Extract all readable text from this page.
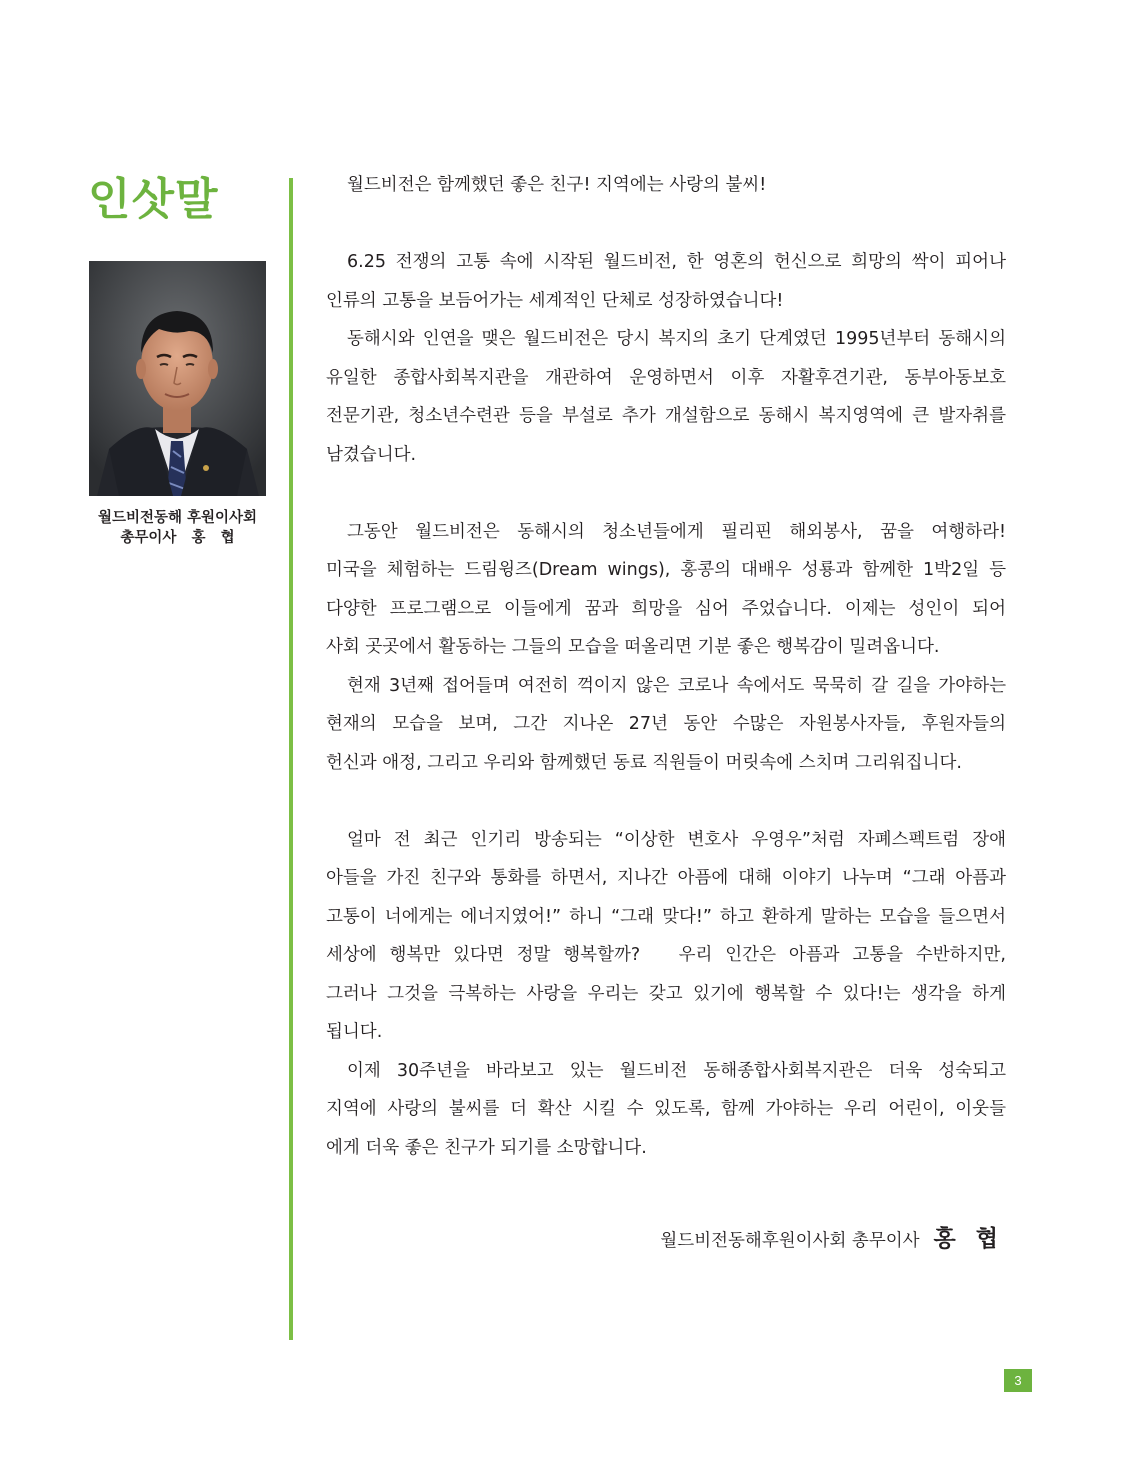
인삿말
월드비전동해 후원이사회
총무이사   홍   협
월드비전은 함께했던 좋은 친구! 지역에는 사랑의 불씨!
6.25 전쟁의 고통 속에 시작된 월드비전, 한 영혼의 헌신으로 희망의 싹이 피어나
인류의 고통을 보듬어가는 세계적인 단체로 성장하였습니다!
동해시와 인연을 맺은 월드비전은 당시 복지의 초기 단계였던 1995년부터 동해시의
유일한 종합사회복지관을 개관하여 운영하면서 이후 자활후견기관, 동부아동보호
전문기관, 청소년수련관 등을 부설로 추가 개설함으로 동해시 복지영역에 큰 발자취를
남겼습니다.
그동안 월드비전은 동해시의 청소년들에게 필리핀 해외봉사, 꿈을 여행하라!
미국을 체험하는 드림윙즈(Dream wings), 홍콩의 대배우 성룡과 함께한 1박2일 등
다양한 프로그램으로 이들에게 꿈과 희망을 심어 주었습니다. 이제는 성인이 되어
사회 곳곳에서 활동하는 그들의 모습을 떠올리면 기분 좋은 행복감이 밀려옵니다.
현재 3년째 접어들며 여전히 꺽이지 않은 코로나 속에서도 묵묵히 갈 길을 가야하는
현재의 모습을 보며, 그간 지나온 27년 동안 수많은 자원봉사자들, 후원자들의
헌신과 애정, 그리고 우리와 함께했던 동료 직원들이 머릿속에 스치며 그리워집니다.
얼마 전 최근 인기리 방송되는 “이상한 변호사 우영우”처럼 자폐스펙트럼 장애
아들을 가진 친구와 통화를 하면서, 지나간 아픔에 대해 이야기 나누며 “그래 아픔과
고통이 너에게는 에너지였어!” 하니 “그래 맞다!” 하고 환하게 말하는 모습을 들으면서
세상에 행복만 있다면 정말 행복할까?   우리 인간은 아픔과 고통을 수반하지만,
그러나 그것을 극복하는 사랑을 우리는 갖고 있기에 행복할 수 있다!는 생각을 하게
됩니다.
이제 30주년을 바라보고 있는 월드비전 동해종합사회복지관은 더욱 성숙되고
지역에 사랑의 불씨를 더 확산 시킬 수 있도록, 함께 가야하는 우리 어린이, 이웃들
에게 더욱 좋은 친구가 되기를 소망합니다.
월드비전동해후원이사회 총무이사 홍 협
3
